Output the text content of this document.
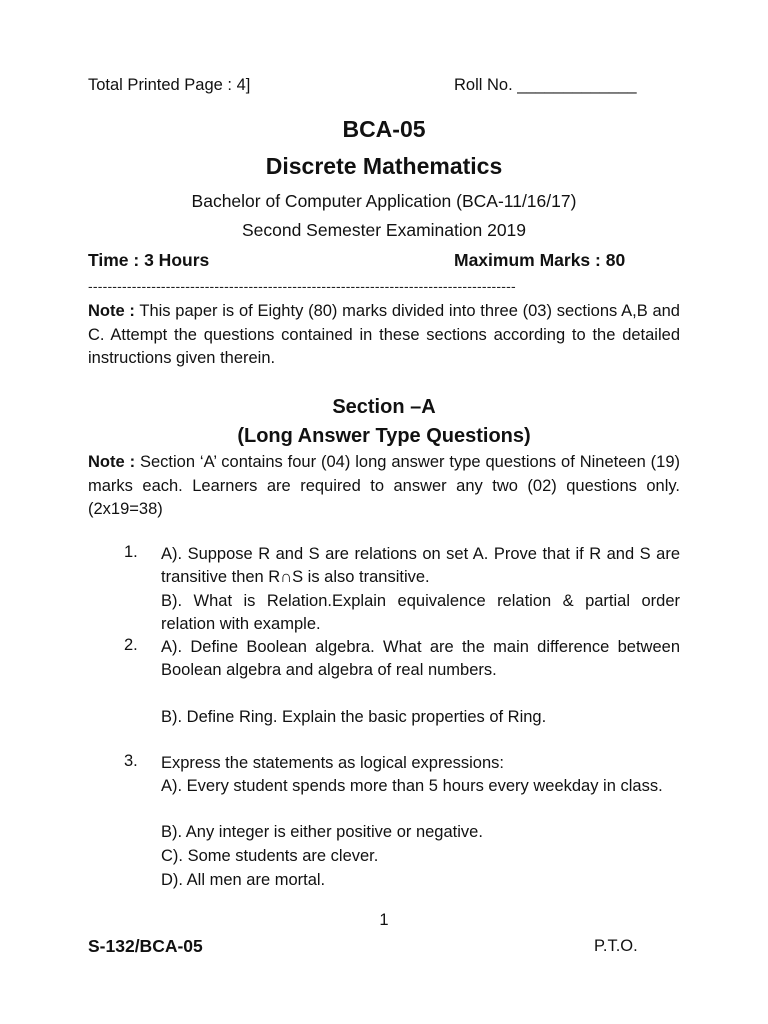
Total Printed Page : 4]	Roll No. _____________
BCA-05
Discrete Mathematics
Bachelor of Computer Application (BCA-11/16/17)
Second Semester Examination 2019
Time : 3 Hours	Maximum Marks : 80
----------------------------------------------------------------------------------------
Note : This paper is of Eighty (80) marks divided into three (03) sections A,B and C. Attempt the questions contained in these sections according to the detailed instructions given therein.
Section –A
(Long Answer Type Questions)
Note : Section ‘A’ contains four (04) long answer type questions of Nineteen (19) marks each. Learners are required to answer any two (02) questions only. (2x19=38)
1. A). Suppose R and S are relations on set A. Prove that if R and S are transitive then R∩S is also transitive.
B). What is Relation.Explain equivalence relation & partial order relation with example.
2. A). Define Boolean algebra. What are the main difference between Boolean algebra and algebra of real numbers.
B). Define Ring. Explain the basic properties of Ring.
3. Express the statements as logical expressions:
A). Every student spends more than 5 hours every weekday in class.
B). Any integer is either positive or negative.
C). Some students are clever.
D). All men are mortal.
1
S-132/BCA-05	P.T.O.
